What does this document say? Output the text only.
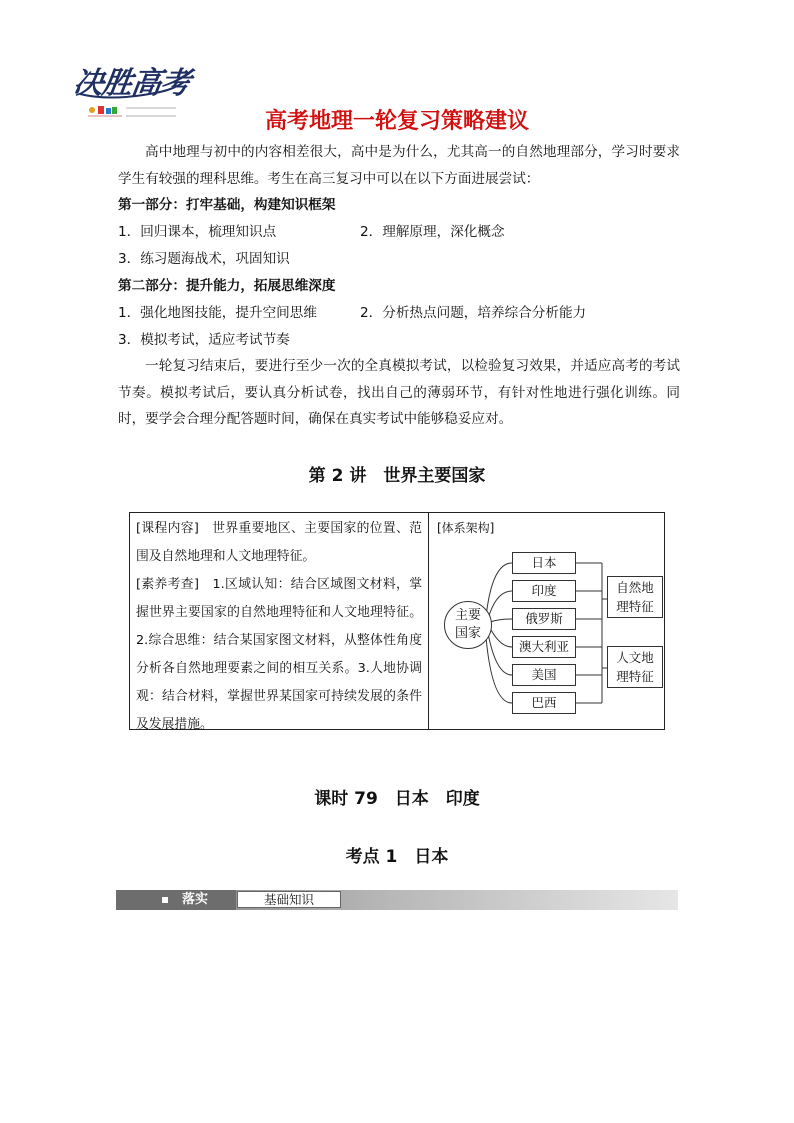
决胜高考
高考地理一轮复习策略建议
高中地理与初中的内容相差很大，高中是为什么，尤其高一的自然地理部分，学习时要求学生有较强的理科思维。考生在高三复习中可以在以下方面进展尝试：
第一部分：打牢基础，构建知识框架
1．回归课本，梳理知识点	2．理解原理，深化概念
3．练习题海战术，巩固知识
第二部分：提升能力，拓展思维深度
1．强化地图技能，提升空间思维	2．分析热点问题，培养综合分析能力
3．模拟考试，适应考试节奏
一轮复习结束后，要进行至少一次的全真模拟考试，以检验复习效果，并适应高考的考试节奏。模拟考试后，要认真分析试卷，找出自己的薄弱环节，有针对性地进行强化训练。同时，要学会合理分配答题时间，确保在真实考试中能够稳妥应对。
第 2 讲　世界主要国家

[课程内容]　世界重要地区、主要国家的位置、范围及自然地理和人文地理特征。

[素养考查]　1.区域认知：结合区域图文材料，掌握世界主要国家的自然地理特征和人文地理特征。2.综合思维：结合某国家图文材料，从整体性角度分析各自然地理要素之间的相互关系。3.人地协调观：结合材料，掌握世界某国家可持续发展的条件及发展措施。

[体系架构]
主要
国家
日本
印度
俄罗斯
澳大利亚
美国
巴西
自然地
理特征
人文地
理特征
课时 79　日本　印度
考点 1　日本
落实	基础知识
